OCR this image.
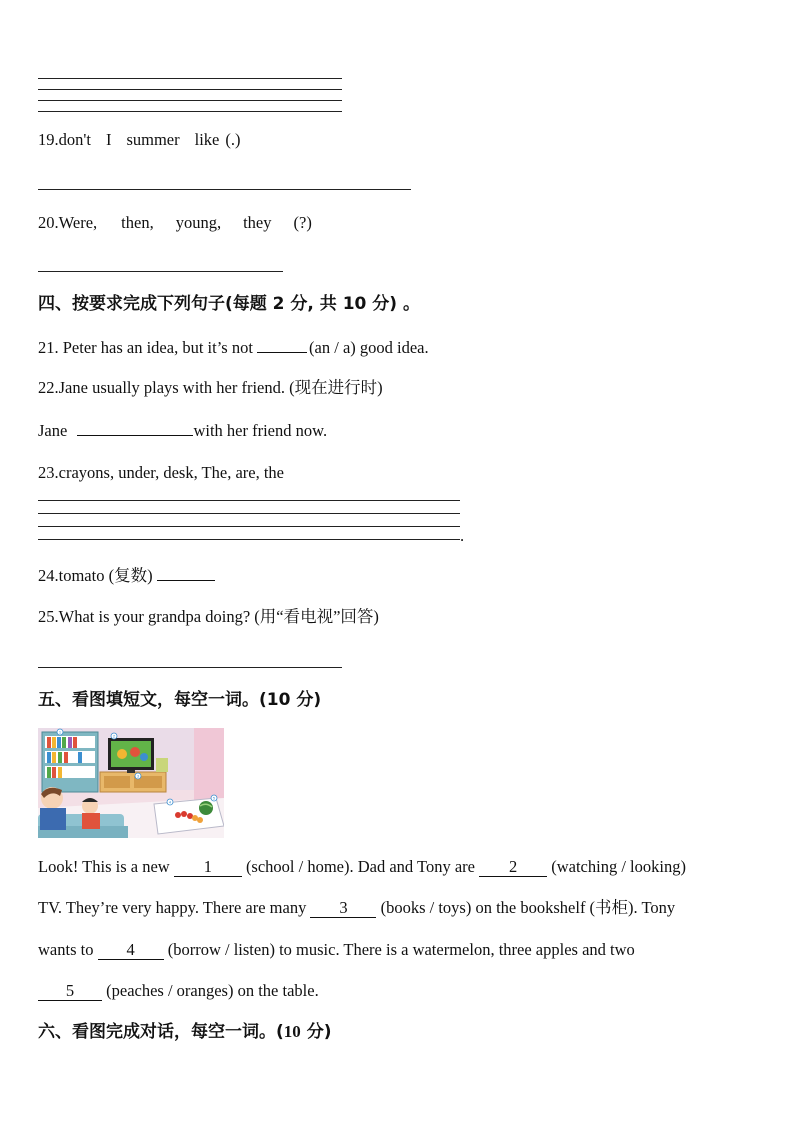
19.don't I summer like (.)
20.Were, then, young, they (?)
四、按要求完成下列句子(每题 2 分, 共 10 分) 。
21. Peter has an idea, but it’s not	(an / a) good idea.
22.Jane usually plays with her friend. (现在进行时)
Jane	with her friend now.
23.crayons, under, desk, The, are, the
.
24.tomato (复数)
25.What is your grandpa doing? (用“看电视”回答)
五、看图填短文，每空一词。(10 分)
1
2
3
4
5
Look! This is a new 1 (school / home). Dad and Tony are 2 (watching / looking)
TV. They’re very happy. There are many 3 (books / toys) on the bookshelf (书柜). Tony
wants to 4 (borrow / listen) to music. There is a watermelon, three apples and two
5 (peaches / oranges) on the table.
六、看图完成对话，每空一词。(10 分)
